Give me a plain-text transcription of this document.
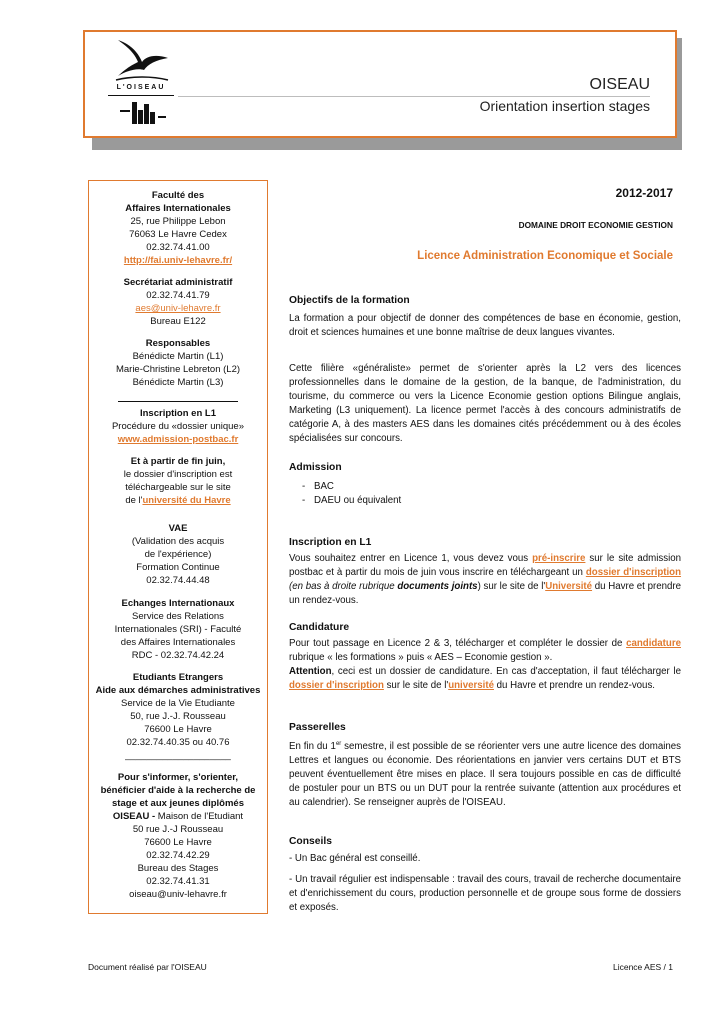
L'OISEAU	OISEAU
Orientation insertion stages
Faculté des
Affaires Internationales
25, rue Philippe Lebon
76063 Le Havre Cedex
02.32.74.41.00
http://fai.univ-lehavre.fr/
Secrétariat administratif
02.32.74.41.79
aes@univ-lehavre.fr
Bureau E122
Responsables
Bénédicte Martin (L1)
Marie-Christine Lebreton (L2)
Bénédicte Martin (L3)
Inscription en L1
Procédure du «dossier unique»
www.admission-postbac.fr
Et à partir de fin juin,
le dossier d'inscription est
téléchargeable sur le site
de l'université du Havre
VAE
(Validation des acquis
de l'expérience)
Formation Continue
02.32.74.44.48
Echanges Internationaux
Service des Relations
Internationales (SRI) - Faculté
des Affaires Internationales
RDC - 02.32.74.42.24
Etudiants Etrangers
Aide aux démarches administratives
Service de la Vie Etudiante
50, rue J.-J. Rousseau
76600 Le Havre
02.32.74.40.35 ou 40.76
____________________
Pour s'informer, s'orienter,
bénéficier d'aide à la recherche de
stage et aux jeunes diplômés
OISEAU - Maison de l'Etudiant
50 rue J.-J Rousseau
76600 Le Havre
02.32.74.42.29
Bureau des Stages
02.32.74.41.31
oiseau@univ-lehavre.fr
2012-2017
DOMAINE DROIT ECONOMIE GESTION
Licence Administration Economique et Sociale
Objectifs de la formation
La formation a pour objectif de donner des compétences de base en économie, gestion, droit et sciences humaines et une bonne maîtrise de deux langues vivantes.
Cette filière «généraliste» permet de s'orienter après la L2 vers des licences professionnelles dans le domaine de la gestion, de la banque, de l'administration, du tourisme, du commerce ou vers la Licence Economie gestion options Bilingue anglais, Marketing (L3 uniquement). La licence permet l'accès à des concours administratifs de catégorie A, à des masters AES dans les domaines cités précédemment ou à des écoles spécialisées sur concours.
Admission
- BAC
- DAEU ou équivalent
Inscription en L1
Vous souhaitez entrer en Licence 1, vous devez vous pré-inscrire sur le site admission postbac et à partir du mois de juin vous inscrire en téléchargeant un dossier d'inscription (en bas à droite rubrique documents joints) sur le site de l'Université du Havre et prendre un rendez-vous.
Candidature
Pour tout passage en Licence 2 & 3, télécharger et compléter le dossier de candidature rubrique « les formations » puis « AES – Economie gestion ».
Attention, ceci est un dossier de candidature. En cas d'acceptation, il faut télécharger le dossier d'inscription sur le site de l'université du Havre et prendre un rendez-vous.
Passerelles
En fin du 1er semestre, il est possible de se réorienter vers une autre licence des domaines Lettres et langues ou économie. Des réorientations en janvier vers certains DUT et BTS peuvent éventuellement être mises en place. Il sera toujours possible en cas de difficulté de postuler pour un BTS ou un DUT pour la rentrée suivante (attention aux procédures et au calendrier). Se renseigner auprès de l'OISEAU.
Conseils
- Un Bac général est conseillé.
- Un travail régulier est indispensable : travail des cours, travail de recherche documentaire et d'enrichissement du cours, production personnelle et de groupe sous forme de dossiers et exposés.
Document réalisé par l'OISEAU	Licence AES / 1
